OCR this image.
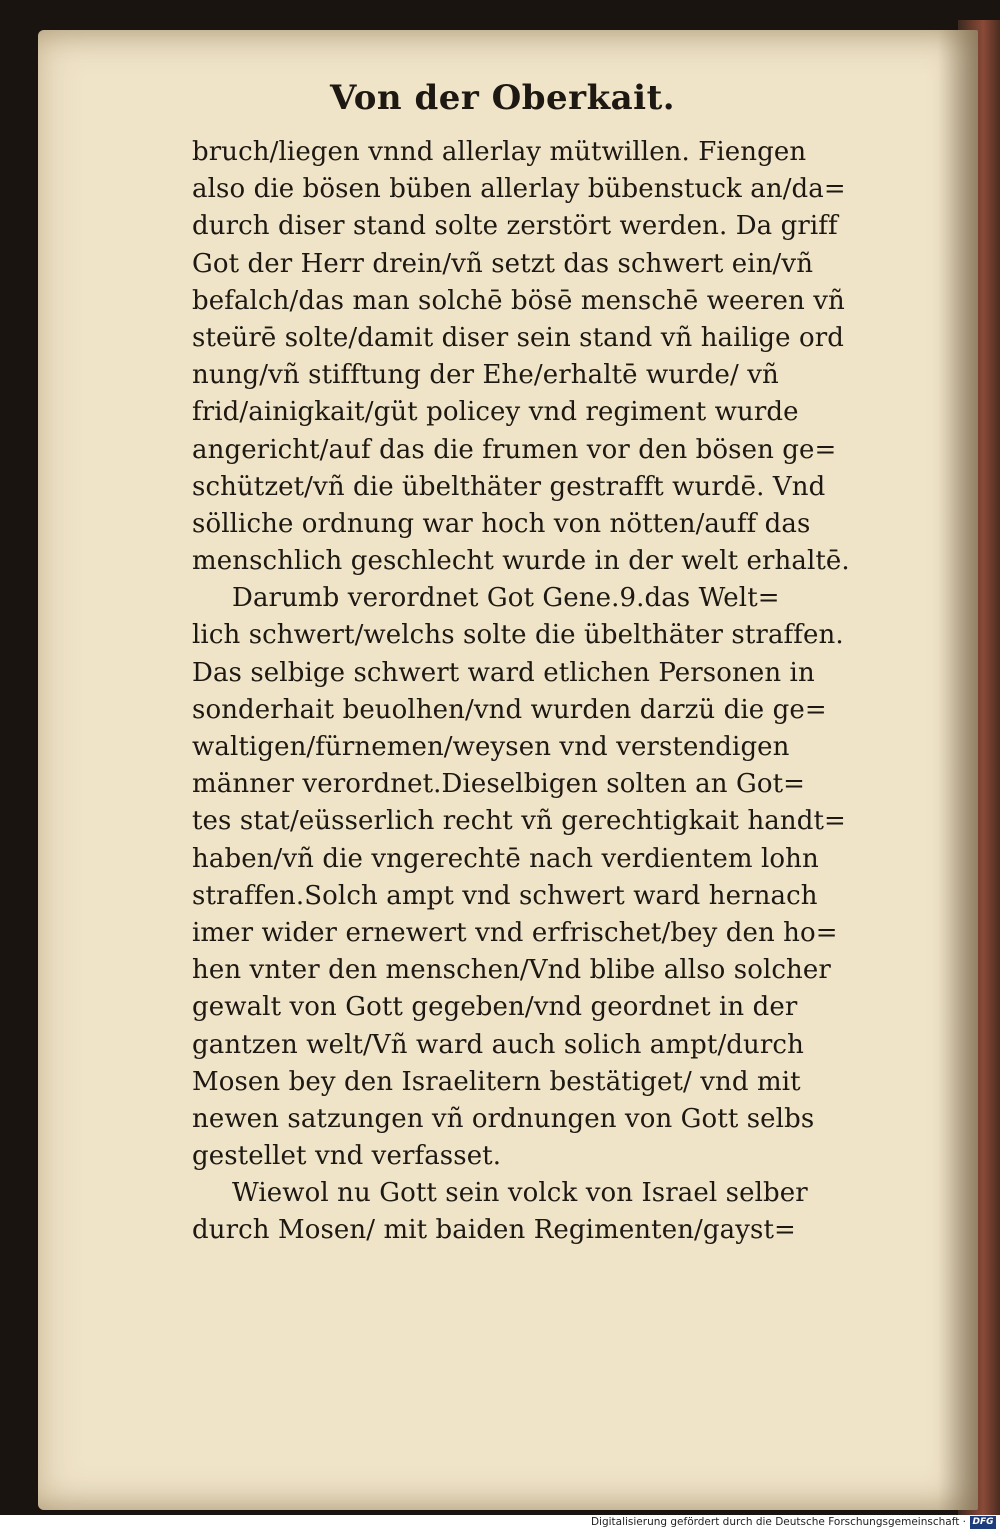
Von der Oberkait.
bruch/liegen vnnd allerlay mütwillen. Fiengen
also die bösen büben allerlay bübenstuck an/da=
durch diser stand solte zerstört werden. Da griff
Got der Herr drein/vñ setzt das schwert ein/vñ
befalch/das man solchē bösē menschē weeren vñ
steürē solte/damit diser sein stand vñ hailige ord
nung/vñ stifftung der Ehe/erhaltē wurde/ vñ
frid/ainigkait/güt policey vnd regiment wurde
angericht/auf das die frumen vor den bösen ge=
schützet/vñ die übelthäter gestrafft wurdē. Vnd
sölliche ordnung war hoch von nötten/auff das
menschlich geschlecht wurde in der welt erhaltē.
Darumb verordnet Got Gene.9.das Welt=
lich schwert/welchs solte die übelthäter straffen.
Das selbige schwert ward etlichen Personen in
sonderhait beuolhen/vnd wurden darzü die ge=
waltigen/fürnemen/weysen vnd verstendigen
männer verordnet.Dieselbigen solten an Got=
tes stat/eüsserlich recht vñ gerechtigkait handt=
haben/vñ die vngerechtē nach verdientem lohn
straffen.Solch ampt vnd schwert ward hernach
imer wider ernewert vnd erfrischet/bey den ho=
hen vnter den menschen/Vnd blibe allso solcher
gewalt von Gott gegeben/vnd geordnet in der
gantzen welt/Vñ ward auch solich ampt/durch
Mosen bey den Israelitern bestätiget/ vnd mit
newen satzungen vñ ordnungen von Gott selbs
gestellet vnd verfasset.
Wiewol nu Gott sein volck von Israel selber
durch Mosen/ mit baiden Regimenten/gayst=
Digitalisierung gefördert durch die Deutsche Forschungsgemeinschaft · DFG
